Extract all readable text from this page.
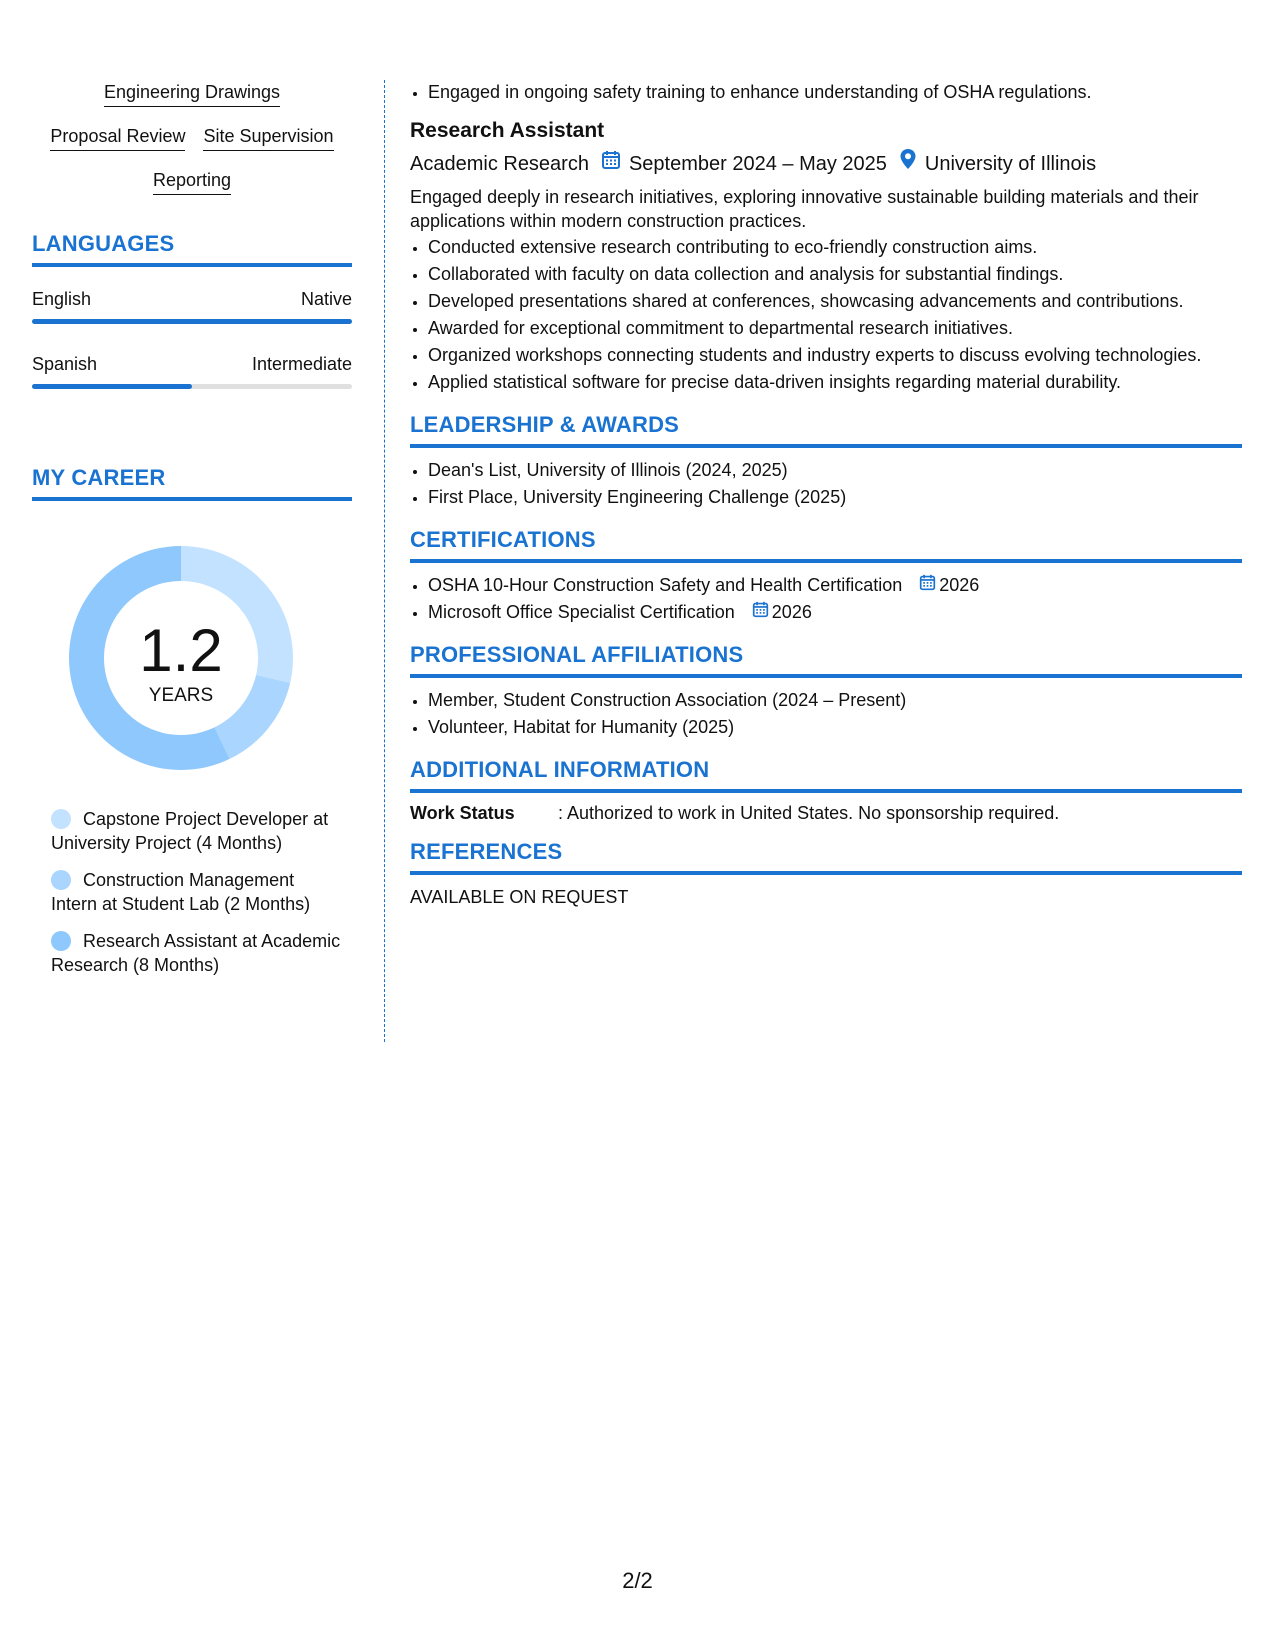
Engineering Drawings
Proposal Review Site Supervision
Reporting
LANGUAGES
English	Native
Spanish	Intermediate
MY CAREER
1.2
YEARS
Capstone Project Developer at University Project (4 Months)
Construction Management Intern at Student Lab (2 Months)
Research Assistant at Academic Research (8 Months)
• Engaged in ongoing safety training to enhance understanding of OSHA regulations.
Research Assistant
Academic Research September 2024 – May 2025 University of Illinois
Engaged deeply in research initiatives, exploring innovative sustainable building materials and their applications within modern construction practices.
• Conducted extensive research contributing to eco-friendly construction aims.
• Collaborated with faculty on data collection and analysis for substantial findings.
• Developed presentations shared at conferences, showcasing advancements and contributions.
• Awarded for exceptional commitment to departmental research initiatives.
• Organized workshops connecting students and industry experts to discuss evolving technologies.
• Applied statistical software for precise data-driven insights regarding material durability.
LEADERSHIP & AWARDS
• Dean's List, University of Illinois (2024, 2025)
• First Place, University Engineering Challenge (2025)
CERTIFICATIONS
• OSHA 10-Hour Construction Safety and Health Certification 2026
• Microsoft Office Specialist Certification 2026
PROFESSIONAL AFFILIATIONS
• Member, Student Construction Association (2024 – Present)
• Volunteer, Habitat for Humanity (2025)
ADDITIONAL INFORMATION
Work Status	: Authorized to work in United States. No sponsorship required.
REFERENCES
AVAILABLE ON REQUEST
2/2
